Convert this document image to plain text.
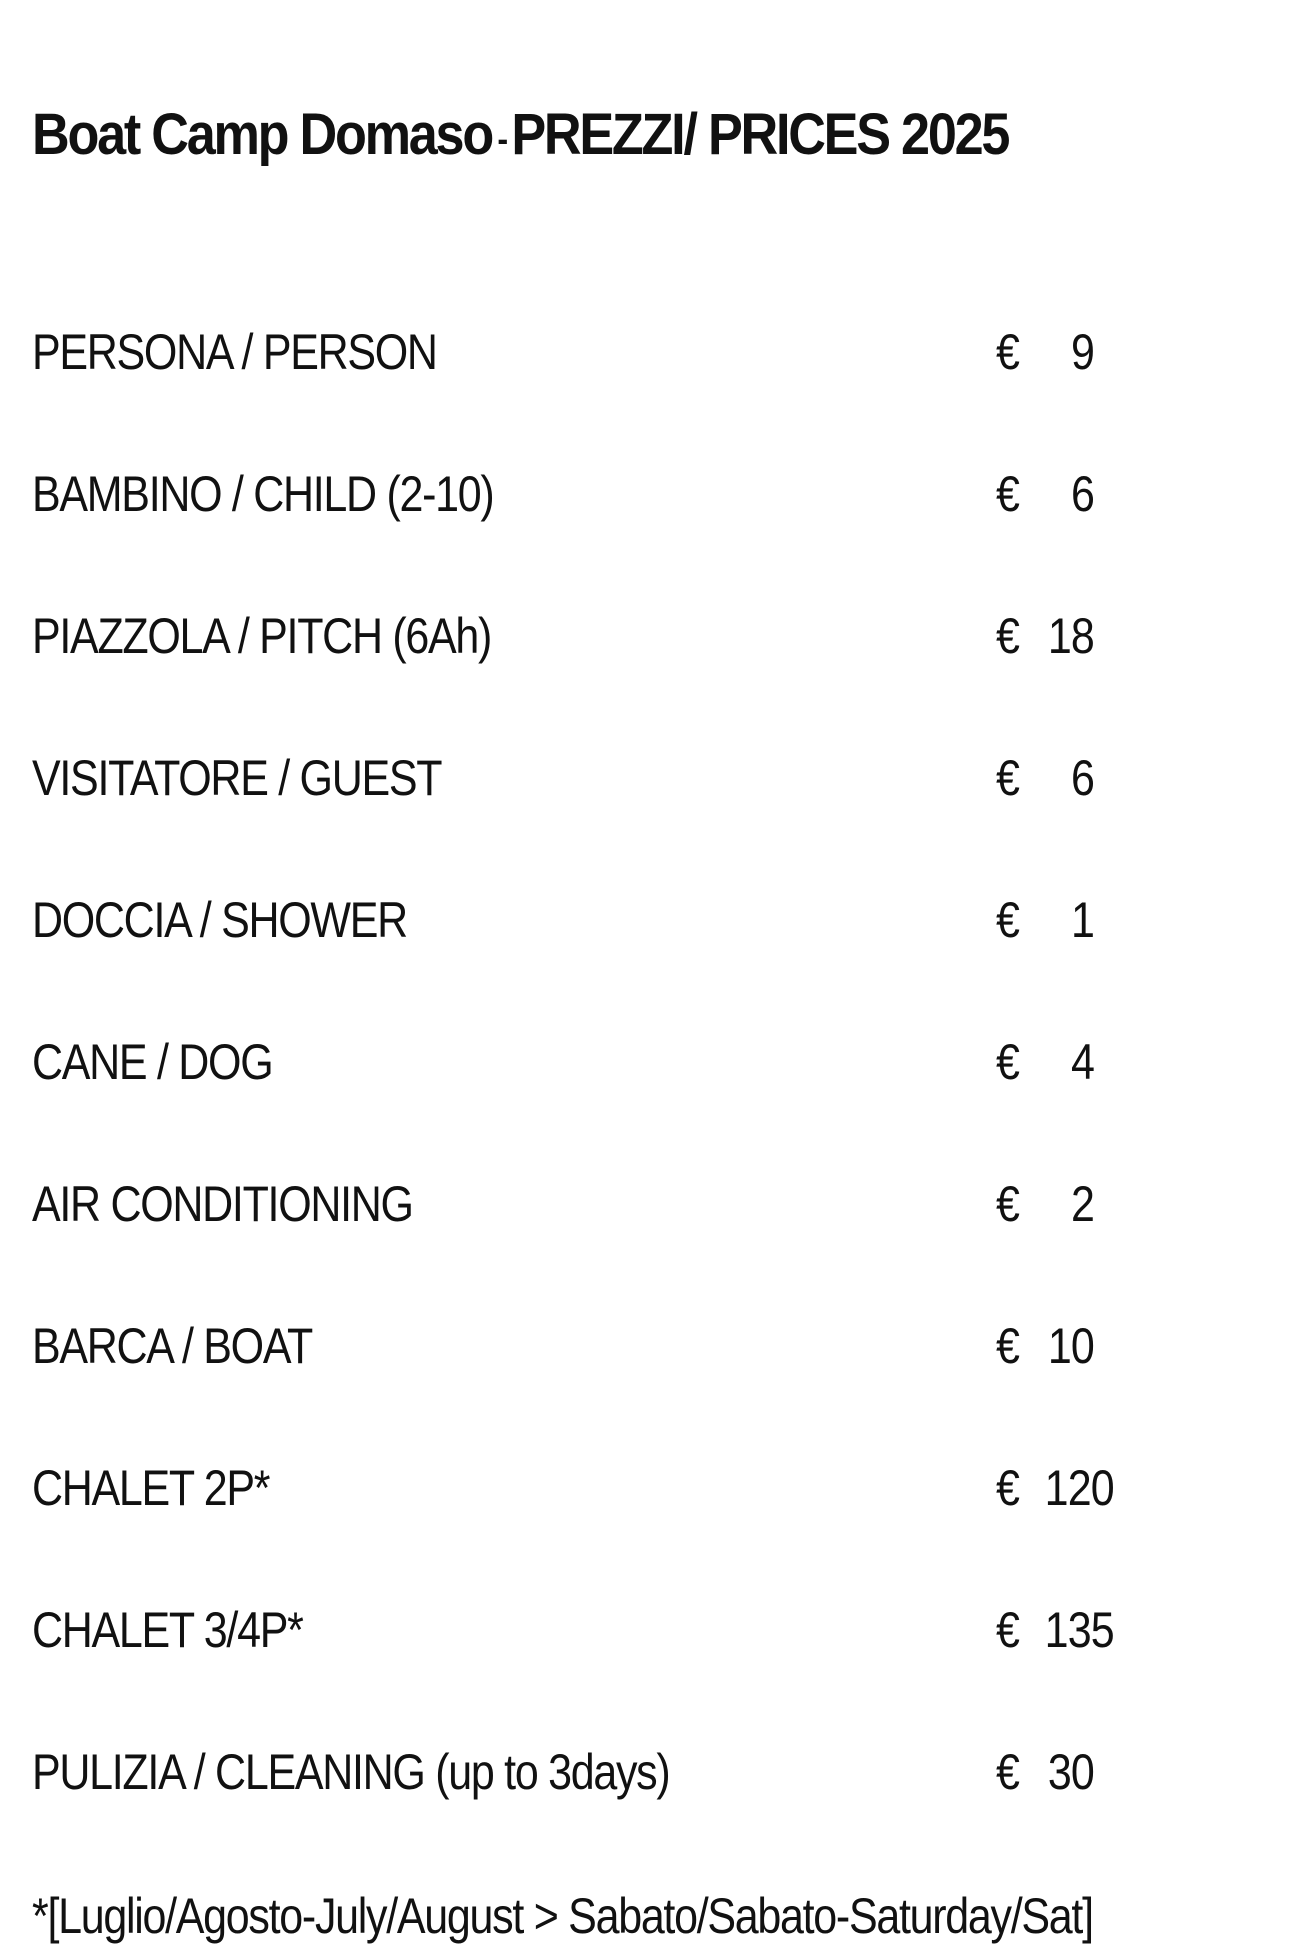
Boat Camp Domaso -PREZZI/ PRICES 2025
PERSONA / PERSON	€	9
BAMBINO / CHILD (2-10)	€	6
PIAZZOLA / PITCH (6Ah)	€ 18
VISITATORE / GUEST	€	6
DOCCIA / SHOWER	€	1
CANE / DOG	€	4
AIR CONDITIONING	€	2
BARCA / BOAT	€ 10
CHALET 2P*	€ 120
CHALET 3/4P*	€ 135
PULIZIA / CLEANING (up to 3days)	€ 30
*[Luglio/Agosto-July/August > Sabato/Sabato-Saturday/Sat]
